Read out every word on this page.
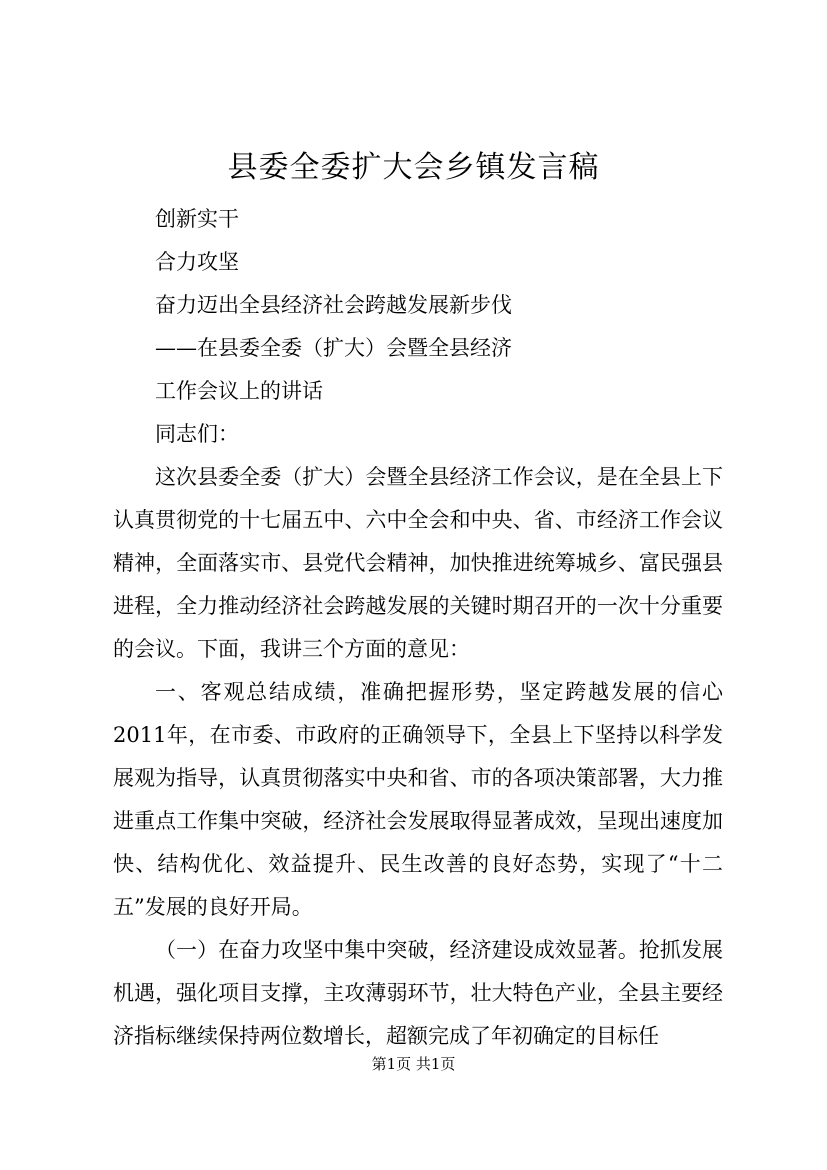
县委全委扩大会乡镇发言稿

创新实干

合力攻坚

奋力迈出全县经济社会跨越发展新步伐

——在县委全委（扩大）会暨全县经济

工作会议上的讲话

同志们：

这次县委全委（扩大）会暨全县经济工作会议，是在全县上下认真贯彻党的十七届五中、六中全会和中央、省、市经济工作会议精神，全面落实市、县党代会精神，加快推进统筹城乡、富民强县进程，全力推动经济社会跨越发展的关键时期召开的一次十分重要的会议。下面，我讲三个方面的意见：

一、客观总结成绩，准确把握形势，坚定跨越发展的信心2011年，在市委、市政府的正确领导下，全县上下坚持以科学发展观为指导，认真贯彻落实中央和省、市的各项决策部署，大力推进重点工作集中突破，经济社会发展取得显著成效，呈现出速度加快、结构优化、效益提升、民生改善的良好态势，实现了“十二五”发展的良好开局。

（一）在奋力攻坚中集中突破，经济建设成效显著。抢抓发展机遇，强化项目支撑，主攻薄弱环节，壮大特色产业，全县主要经济指标继续保持两位数增长，超额完成了年初确定的目标任

第1页 共1页
